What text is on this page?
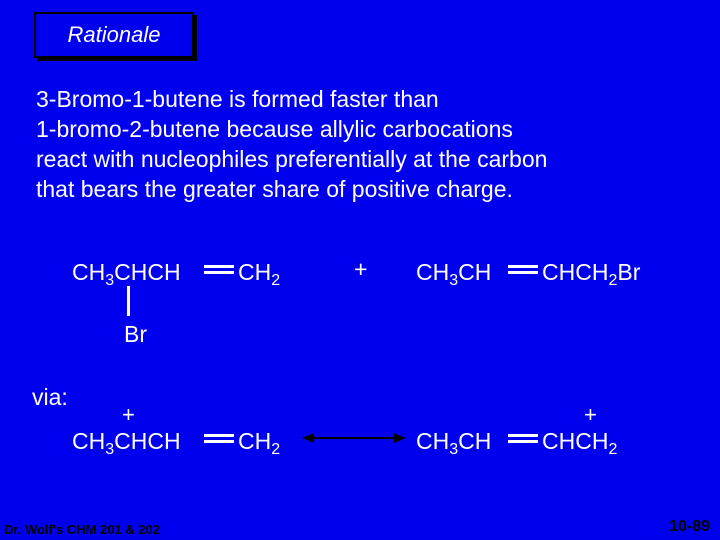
Rationale
3-Bromo-1-butene is formed faster than
1-bromo-2-butene because allylic carbocations
react with nucleophiles preferentially at the carbon
that bears the greater share of positive charge.
$CH_3CHCH$ $CH_2$
Br
+ $CH_3CH$ $CHCH_2Br$
via:
+
$CH_3CHCH$ $CH_2$	$CH_3CH$
+
$CHCH_2$
Dr. Wolf's CHM 201 & 202	10-89
